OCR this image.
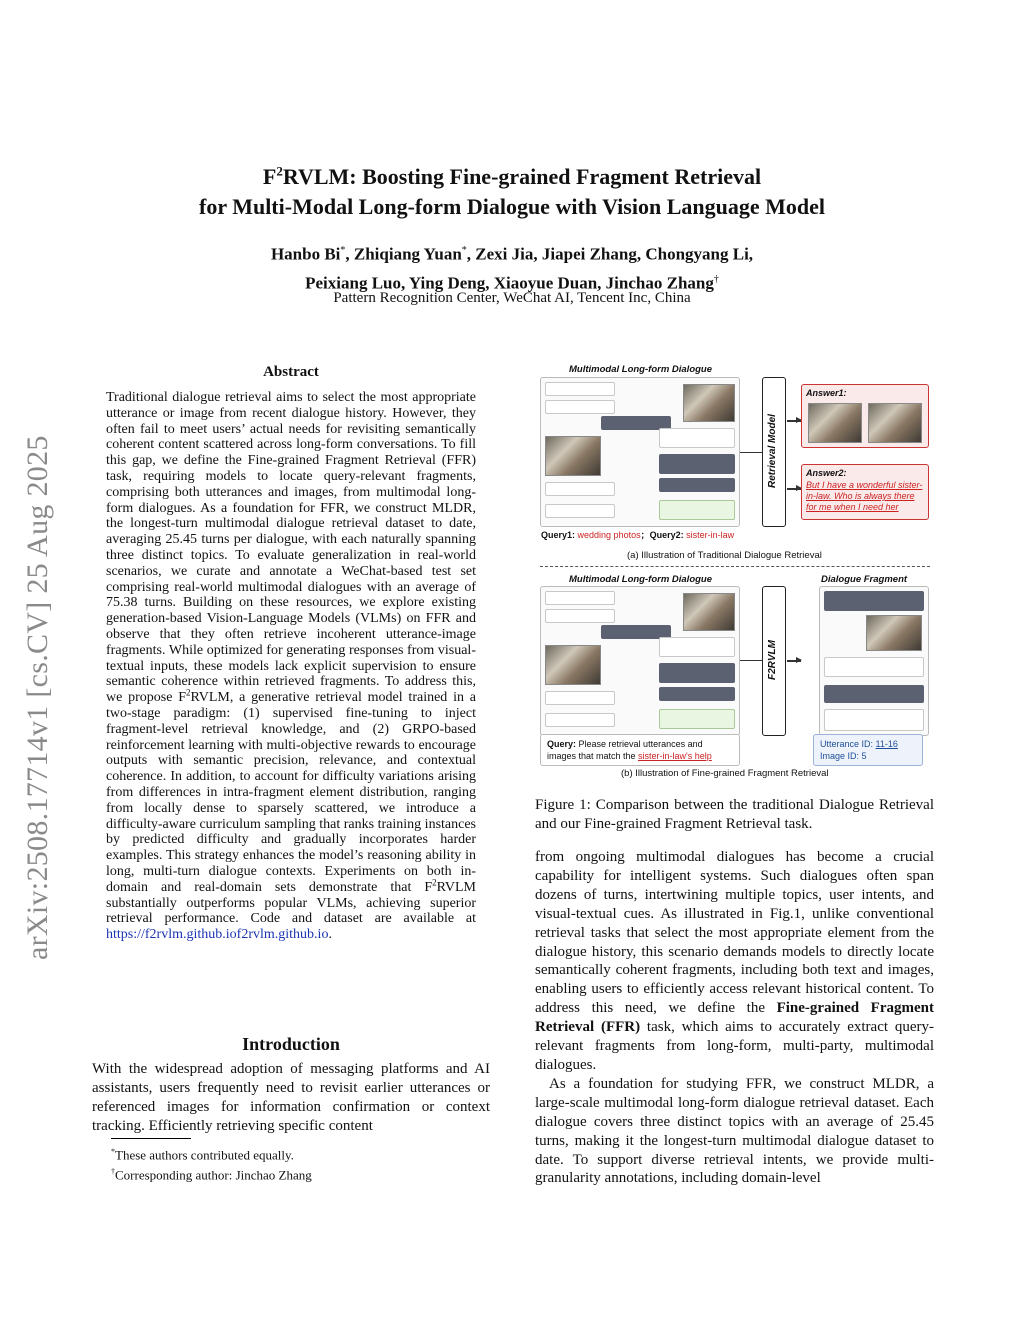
arXiv:2508.17714v1 [cs.CV] 25 Aug 2025
$F^2RVLM$: Boosting Fine-grained Fragment Retrieval
for Multi-Modal Long-form Dialogue with Vision Language Model
Hanbo Bi*, Zhiqiang Yuan*, Zexi Jia, Jiapei Zhang, Chongyang Li,
Peixiang Luo, Ying Deng, Xiaoyue Duan, Jinchao Zhang†
Pattern Recognition Center, WeChat AI, Tencent Inc, China
Abstract
Traditional dialogue retrieval aims to select the most appropriate utterance or image from recent dialogue history. However, they often fail to meet users’ actual needs for revisiting semantically coherent content scattered across long-form conversations. To fill this gap, we define the Fine-grained Fragment Retrieval (FFR) task, requiring models to locate query-relevant fragments, comprising both utterances and images, from multimodal long-form dialogues. As a foundation for FFR, we construct MLDR, the longest-turn multimodal dialogue retrieval dataset to date, averaging 25.45 turns per dialogue, with each naturally spanning three distinct topics. To evaluate generalization in real-world scenarios, we curate and annotate a WeChat-based test set comprising real-world multimodal dialogues with an average of 75.38 turns. Building on these resources, we explore existing generation-based Vision-Language Models (VLMs) on FFR and observe that they often retrieve incoherent utterance-image fragments. While optimized for generating responses from visual-textual inputs, these models lack explicit supervision to ensure semantic coherence within retrieved fragments. To address this, we propose $F^2RVLM$, a generative retrieval model trained in a two-stage paradigm: (1) supervised fine-tuning to inject fragment-level retrieval knowledge, and (2) GRPO-based reinforcement learning with multi-objective rewards to encourage outputs with semantic precision, relevance, and contextual coherence. In addition, to account for difficulty variations arising from differences in intra-fragment element distribution, ranging from locally dense to sparsely scattered, we introduce a difficulty-aware curriculum sampling that ranks training instances by predicted difficulty and gradually incorporates harder examples. This strategy enhances the model’s reasoning ability in long, multi-turn dialogue contexts. Experiments on both in-domain and real-domain sets demonstrate that $F^2RVLM$ substantially outperforms popular VLMs, achieving superior retrieval performance. Code and dataset are available at https://f2rvlm.github.iof2rvlm.github.io.
Introduction
With the widespread adoption of messaging platforms and AI assistants, users frequently need to revisit earlier utterances or referenced images for information confirmation or context tracking. Efficiently retrieving specific content
*These authors contributed equally.
†Corresponding author: Jinchao Zhang
Multimodal Long-form Dialogue
Retrieval Model
Answer1:
Answer2:
But I have a wonderful sister-in-law. Who is always there for me when I need her
Query1: wedding photos；Query2: sister-in-law
(a) Illustration of Traditional Dialogue Retrieval
Multimodal Long-form Dialogue	Dialogue Fragment
F2RVLM
Query: Please retrieval utterances and images that match the sister-in-law's help
Utterance ID: 11-16
Image ID: 5
(b) Illustration of Fine-grained Fragment Retrieval
Figure 1: Comparison between the traditional Dialogue Retrieval and our Fine-grained Fragment Retrieval task.
from ongoing multimodal dialogues has become a crucial capability for intelligent systems. Such dialogues often span dozens of turns, intertwining multiple topics, user intents, and visual-textual cues. As illustrated in Fig.1, unlike conventional retrieval tasks that select the most appropriate element from the dialogue history, this scenario demands models to directly locate semantically coherent fragments, including both text and images, enabling users to efficiently access relevant historical content. To address this need, we define the Fine-grained Fragment Retrieval (FFR) task, which aims to accurately extract query-relevant fragments from long-form, multi-party, multimodal dialogues.
As a foundation for studying FFR, we construct MLDR, a large-scale multimodal long-form dialogue retrieval dataset. Each dialogue covers three distinct topics with an average of 25.45 turns, making it the longest-turn multimodal dialogue dataset to date. To support diverse retrieval intents, we provide multi-granularity annotations, including domain-level
